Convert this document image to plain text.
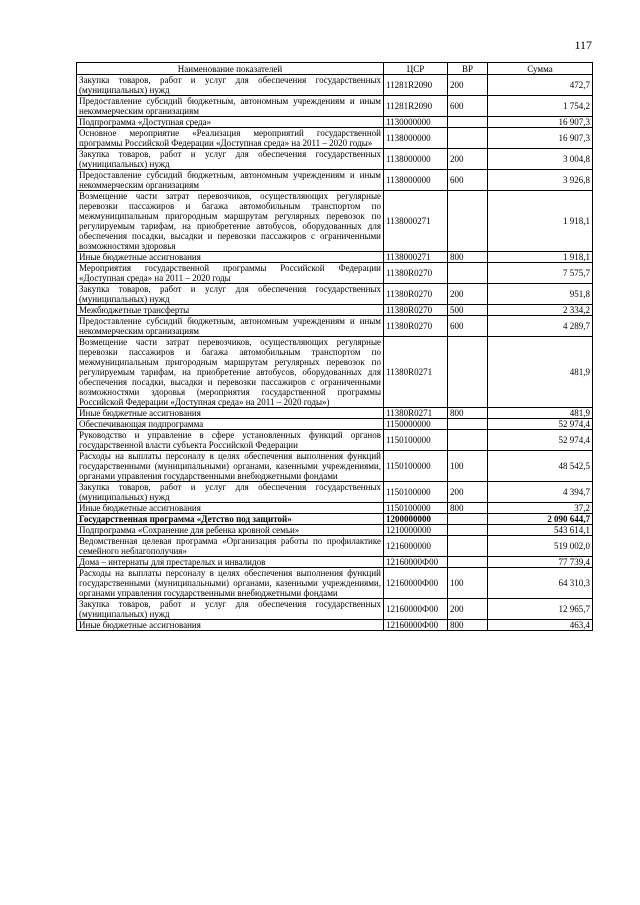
117
Наименование показателей	ЦСР	ВР	Сумма
Закупка товаров, работ и услуг для обеспечения государственных (муниципальных) нужд	11281R2090	200	472,7
Предоставление субсидий бюджетным, автономным учреждениям и иным некоммерческим организациям	11281R2090	600	1 754,2
Подпрограмма «Доступная среда»	1130000000		16 907,3
Основное мероприятие «Реализация мероприятий государственной программы Российской Федерации «Доступная среда» на 2011 – 2020 годы»	1138000000		16 907,3
Закупка товаров, работ и услуг для обеспечения государственных (муниципальных) нужд	1138000000	200	3 004,8
Предоставление субсидий бюджетным, автономным учреждениям и иным некоммерческим организациям	1138000000	600	3 926,8
Возмещение части затрат перевозчиков, осуществляющих регулярные перевозки пассажиров и багажа автомобильным транспортом по межмуниципальным пригородным маршрутам регулярных перевозок по регулируемым тарифам, на приобретение автобусов, оборудованных для обеспечения посадки, высадки и перевозки пассажиров с ограниченными возможностями здоровья	1138000271		1 918,1
Иные бюджетные ассигнования	1138000271	800	1 918,1
Мероприятия государственной программы Российской Федерации «Доступная среда» на 2011 – 2020 годы	11380R0270		7 575,7
Закупка товаров, работ и услуг для обеспечения государственных (муниципальных) нужд	11380R0270	200	951,8
Межбюджетные трансферты	11380R0270	500	2 334,2
Предоставление субсидий бюджетным, автономным учреждениям и иным некоммерческим организациям	11380R0270	600	4 289,7
Возмещение части затрат перевозчиков, осуществляющих регулярные перевозки пассажиров и багажа автомобильным транспортом по межмуниципальным пригородным маршрутам регулярных перевозок по регулируемым тарифам, на приобретение автобусов, оборудованных для обеспечения посадки, высадки и перевозки пассажиров с ограниченными возможностями здоровья (мероприятия государственной программы Российской Федерации «Доступная среда» на 2011 – 2020 годы»)	11380R0271		481,9
Иные бюджетные ассигнования	11380R0271	800	481,9
Обеспечивающая подпрограмма	1150000000		52 974,4
Руководство и управление в сфере установленных функций органов государственной власти субъекта Российской Федерации	1150100000		52 974,4
Расходы на выплаты персоналу в целях обеспечения выполнения функций государственными (муниципальными) органами, казенными учреждениями, органами управления государственными внебюджетными фондами	1150100000	100	48 542,5
Закупка товаров, работ и услуг для обеспечения государственных (муниципальных) нужд	1150100000	200	4 394,7
Иные бюджетные ассигнования	1150100000	800	37,2
Государственная программа «Детство под защитой»	1200000000		2 090 644,7
Подпрограмма «Сохранение для ребенка кровной семьи»	1210000000		543 614,1
Ведомственная целевая программа «Организация работы по профилактике семейного неблагополучия»	1216000000		519 002,0
Дома – интернаты для престарелых и инвалидов	12160000Ф00		77 739,4
Расходы на выплаты персоналу в целях обеспечения выполнения функций государственными (муниципальными) органами, казенными учреждениями, органами управления государственными внебюджетными фондами	12160000Ф00	100	64 310,3
Закупка товаров, работ и услуг для обеспечения государственных (муниципальных) нужд	12160000Ф00	200	12 965,7
Иные бюджетные ассигнования	12160000Ф00	800	463,4
